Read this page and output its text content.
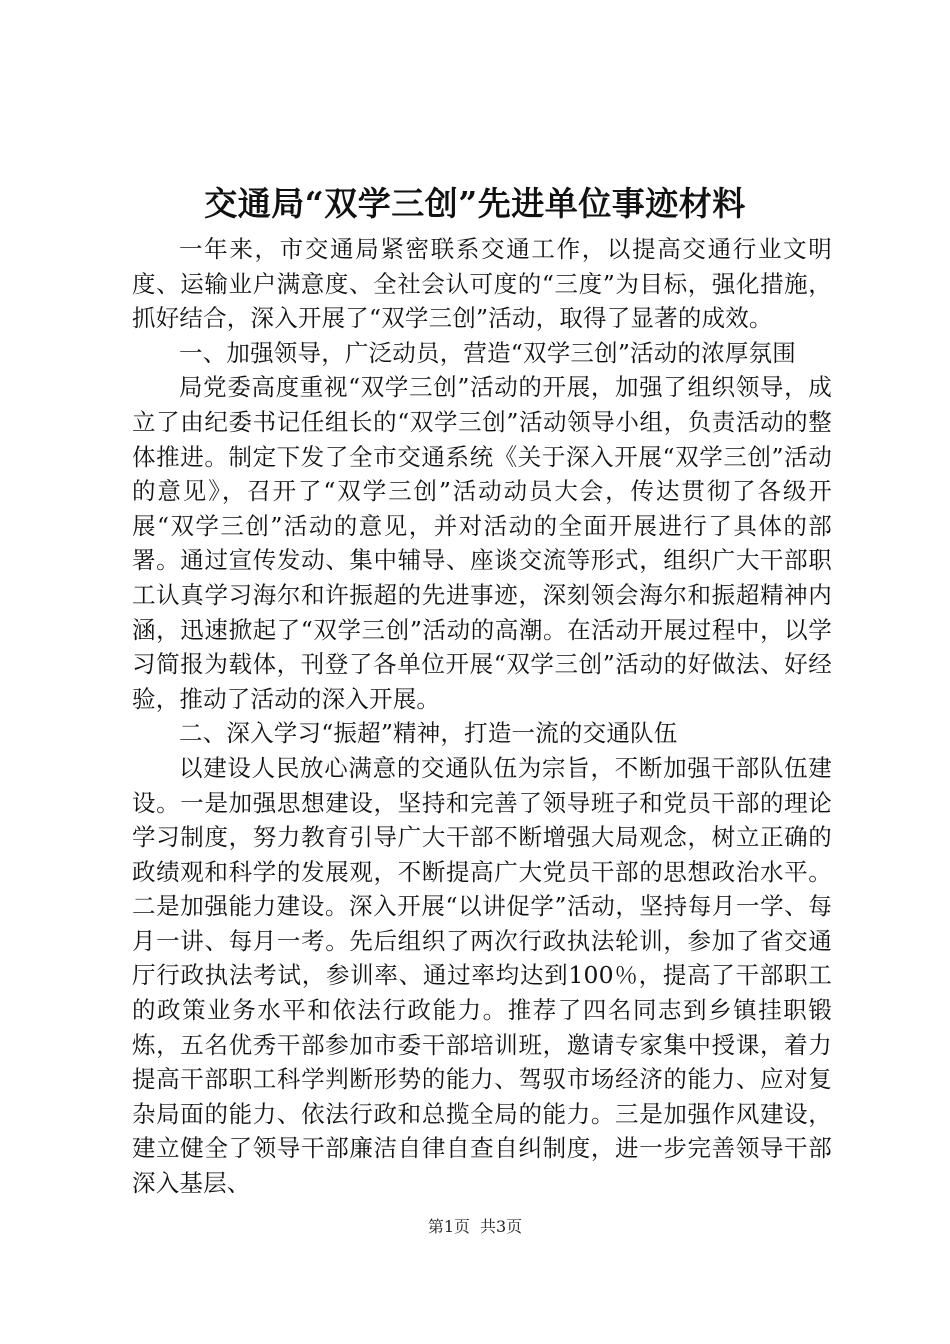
交通局“双学三创”先进单位事迹材料

一年来，市交通局紧密联系交通工作，以提高交通行业文明度、运输业户满意度、全社会认可度的“三度”为目标，强化措施，抓好结合，深入开展了“双学三创”活动，取得了显著的成效。

一、加强领导，广泛动员，营造“双学三创”活动的浓厚氛围

局党委高度重视“双学三创”活动的开展，加强了组织领导，成立了由纪委书记任组长的“双学三创”活动领导小组，负责活动的整体推进。制定下发了全市交通系统《关于深入开展“双学三创”活动的意见》，召开了“双学三创”活动动员大会，传达贯彻了各级开展“双学三创”活动的意见，并对活动的全面开展进行了具体的部署。通过宣传发动、集中辅导、座谈交流等形式，组织广大干部职工认真学习海尔和许振超的先进事迹，深刻领会海尔和振超精神内涵，迅速掀起了“双学三创”活动的高潮。在活动开展过程中，以学习简报为载体，刊登了各单位开展“双学三创”活动的好做法、好经验，推动了活动的深入开展。

二、深入学习“振超”精神，打造一流的交通队伍

以建设人民放心满意的交通队伍为宗旨，不断加强干部队伍建设。一是加强思想建设，坚持和完善了领导班子和党员干部的理论学习制度，努力教育引导广大干部不断增强大局观念，树立正确的政绩观和科学的发展观，不断提高广大党员干部的思想政治水平。二是加强能力建设。深入开展“以讲促学”活动，坚持每月一学、每月一讲、每月一考。先后组织了两次行政执法轮训，参加了省交通厅行政执法考试，参训率、通过率均达到100％，提高了干部职工的政策业务水平和依法行政能力。推荐了四名同志到乡镇挂职锻炼，五名优秀干部参加市委干部培训班，邀请专家集中授课，着力提高干部职工科学判断形势的能力、驾驭市场经济的能力、应对复杂局面的能力、依法行政和总揽全局的能力。三是加强作风建设，建立健全了领导干部廉洁自律自查自纠制度，进一步完善领导干部深入基层、

第1页 共3页
